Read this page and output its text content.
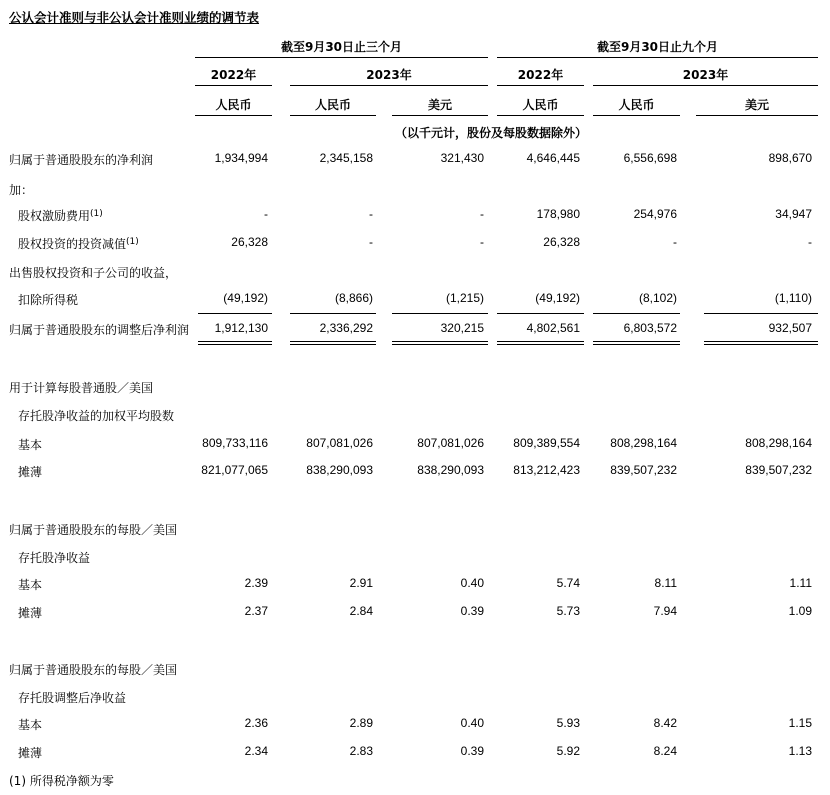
公认会计准则与非公认会计准则业绩的调节表
截至9月30日止三个月	截至9月30日止九个月
2022年	2023年	2022年	2023年
人民币	人民币	美元	人民币	人民币	美元
（以千元计，股份及每股数据除外）
归属于普通股股东的净利润	1,934,994	2,345,158	321,430	4,646,445	6,556,698	898,670
加：
股权激励费用$^{(1)}$	-	-	-	178,980	254,976	34,947
股权投资的投资减值$^{(1)}$	26,328	-	-	26,328	-	-
出售股权投资和子公司的收益，
扣除所得税	(49,192)	(8,866)	(1,215)	(49,192)	(8,102)	(1,110)
归属于普通股股东的调整后净利润	1,912,130	2,336,292	320,215	4,802,561	6,803,572	932,507
用于计算每股普通股／美国
存托股净收益的加权平均股数
基本	809,733,116	807,081,026	807,081,026	809,389,554	808,298,164	808,298,164
摊薄	821,077,065	838,290,093	838,290,093	813,212,423	839,507,232	839,507,232
归属于普通股股东的每股／美国
存托股净收益
基本	2.39	2.91	0.40	5.74	8.11	1.11
摊薄	2.37	2.84	0.39	5.73	7.94	1.09
归属于普通股股东的每股／美国
存托股调整后净收益
基本	2.36	2.89	0.40	5.93	8.42	1.15
摊薄	2.34	2.83	0.39	5.92	8.24	1.13
(1) 所得税净额为零
